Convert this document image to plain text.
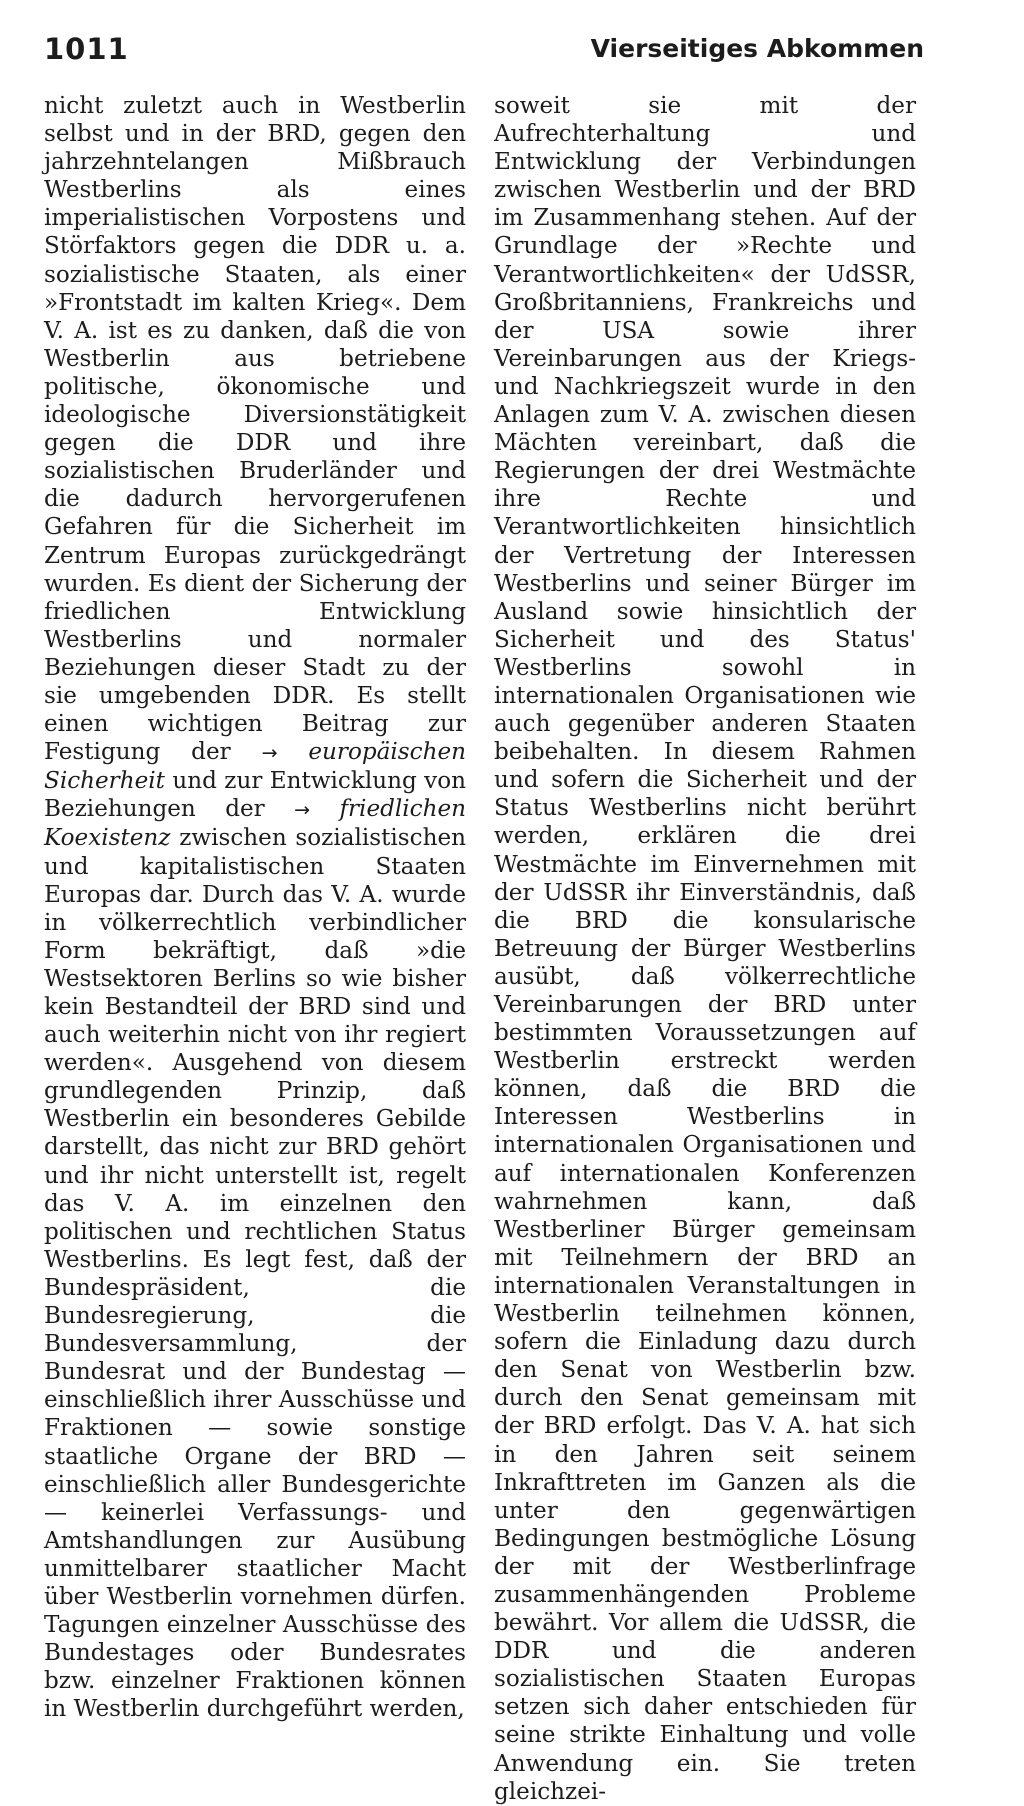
1011	Vierseitiges Abkommen

nicht zuletzt auch in Westberlin selbst und in der BRD, gegen den jahrzehntelangen Mißbrauch Westberlins als eines imperialistischen Vorpostens und Störfaktors gegen die DDR u. a. sozialistische Staaten, als einer »Frontstadt im kalten Krieg«. Dem V. A. ist es zu danken, daß die von Westberlin aus betriebene politische, ökonomische und ideologische Diversionstätigkeit gegen die DDR und ihre sozialistischen Bruderländer und die dadurch hervorgerufenen Gefahren für die Sicherheit im Zentrum Europas zurückgedrängt wurden. Es dient der Sicherung der friedlichen Entwicklung Westberlins und normaler Beziehungen dieser Stadt zu der sie umgebenden DDR. Es stellt einen wichtigen Beitrag zur Festigung der → europäischen Sicherheit und zur Entwicklung von Beziehungen der → friedlichen Koexistenz zwischen sozialistischen und kapitalistischen Staaten Europas dar. Durch das V. A. wurde in völkerrechtlich verbindlicher Form bekräftigt, daß »die Westsektoren Berlins so wie bisher kein Bestandteil der BRD sind und auch weiterhin nicht von ihr regiert werden«. Ausgehend von diesem grundlegenden Prinzip, daß Westberlin ein besonderes Gebilde darstellt, das nicht zur BRD gehört und ihr nicht unterstellt ist, regelt das V. A. im einzelnen den politischen und rechtlichen Status Westberlins. Es legt fest, daß der Bundespräsident, die Bundesregierung, die Bundesversammlung, der Bundesrat und der Bundestag — einschließlich ihrer Ausschüsse und Fraktionen — sowie sonstige staatliche Organe der BRD — einschließlich aller Bundesgerichte — keinerlei Verfassungs- und Amtshandlungen zur Ausübung unmittelbarer staatlicher Macht über Westberlin vornehmen dürfen. Tagungen einzelner Ausschüsse des Bundestages oder Bundesrates bzw. einzelner Fraktionen können in Westberlin durchgeführt werden,

soweit sie mit der Aufrechterhaltung und Entwicklung der Verbindungen zwischen Westberlin und der BRD im Zusammenhang stehen. Auf der Grundlage der »Rechte und Verantwortlichkeiten« der UdSSR, Großbritanniens, Frankreichs und der USA sowie ihrer Vereinbarungen aus der Kriegs- und Nachkriegszeit wurde in den Anlagen zum V. A. zwischen diesen Mächten vereinbart, daß die Regierungen der drei Westmächte ihre Rechte und Verantwortlichkeiten hinsichtlich der Vertretung der Interessen Westberlins und seiner Bürger im Ausland sowie hinsichtlich der Sicherheit und des Status' Westberlins sowohl in internationalen Organisationen wie auch gegenüber anderen Staaten beibehalten. In diesem Rahmen und sofern die Sicherheit und der Status Westberlins nicht berührt werden, erklären die drei Westmächte im Einvernehmen mit der UdSSR ihr Einverständnis, daß die BRD die konsularische Betreuung der Bürger Westberlins ausübt, daß völkerrechtliche Vereinbarungen der BRD unter bestimmten Voraussetzungen auf Westberlin erstreckt werden können, daß die BRD die Interessen Westberlins in internationalen Organisationen und auf internationalen Konferenzen wahrnehmen kann, daß Westberliner Bürger gemeinsam mit Teilnehmern der BRD an internationalen Veranstaltungen in Westberlin teilnehmen können, sofern die Einladung dazu durch den Senat von Westberlin bzw. durch den Senat gemeinsam mit der BRD erfolgt. Das V. A. hat sich in den Jahren seit seinem Inkrafttreten im Ganzen als die unter den gegenwärtigen Bedingungen bestmögliche Lösung der mit der Westberlinfrage zusammenhängenden Probleme bewährt. Vor allem die UdSSR, die DDR und die anderen sozialistischen Staaten Europas setzen sich daher entschieden für seine strikte Einhaltung und volle Anwendung ein. Sie treten gleichzei-
